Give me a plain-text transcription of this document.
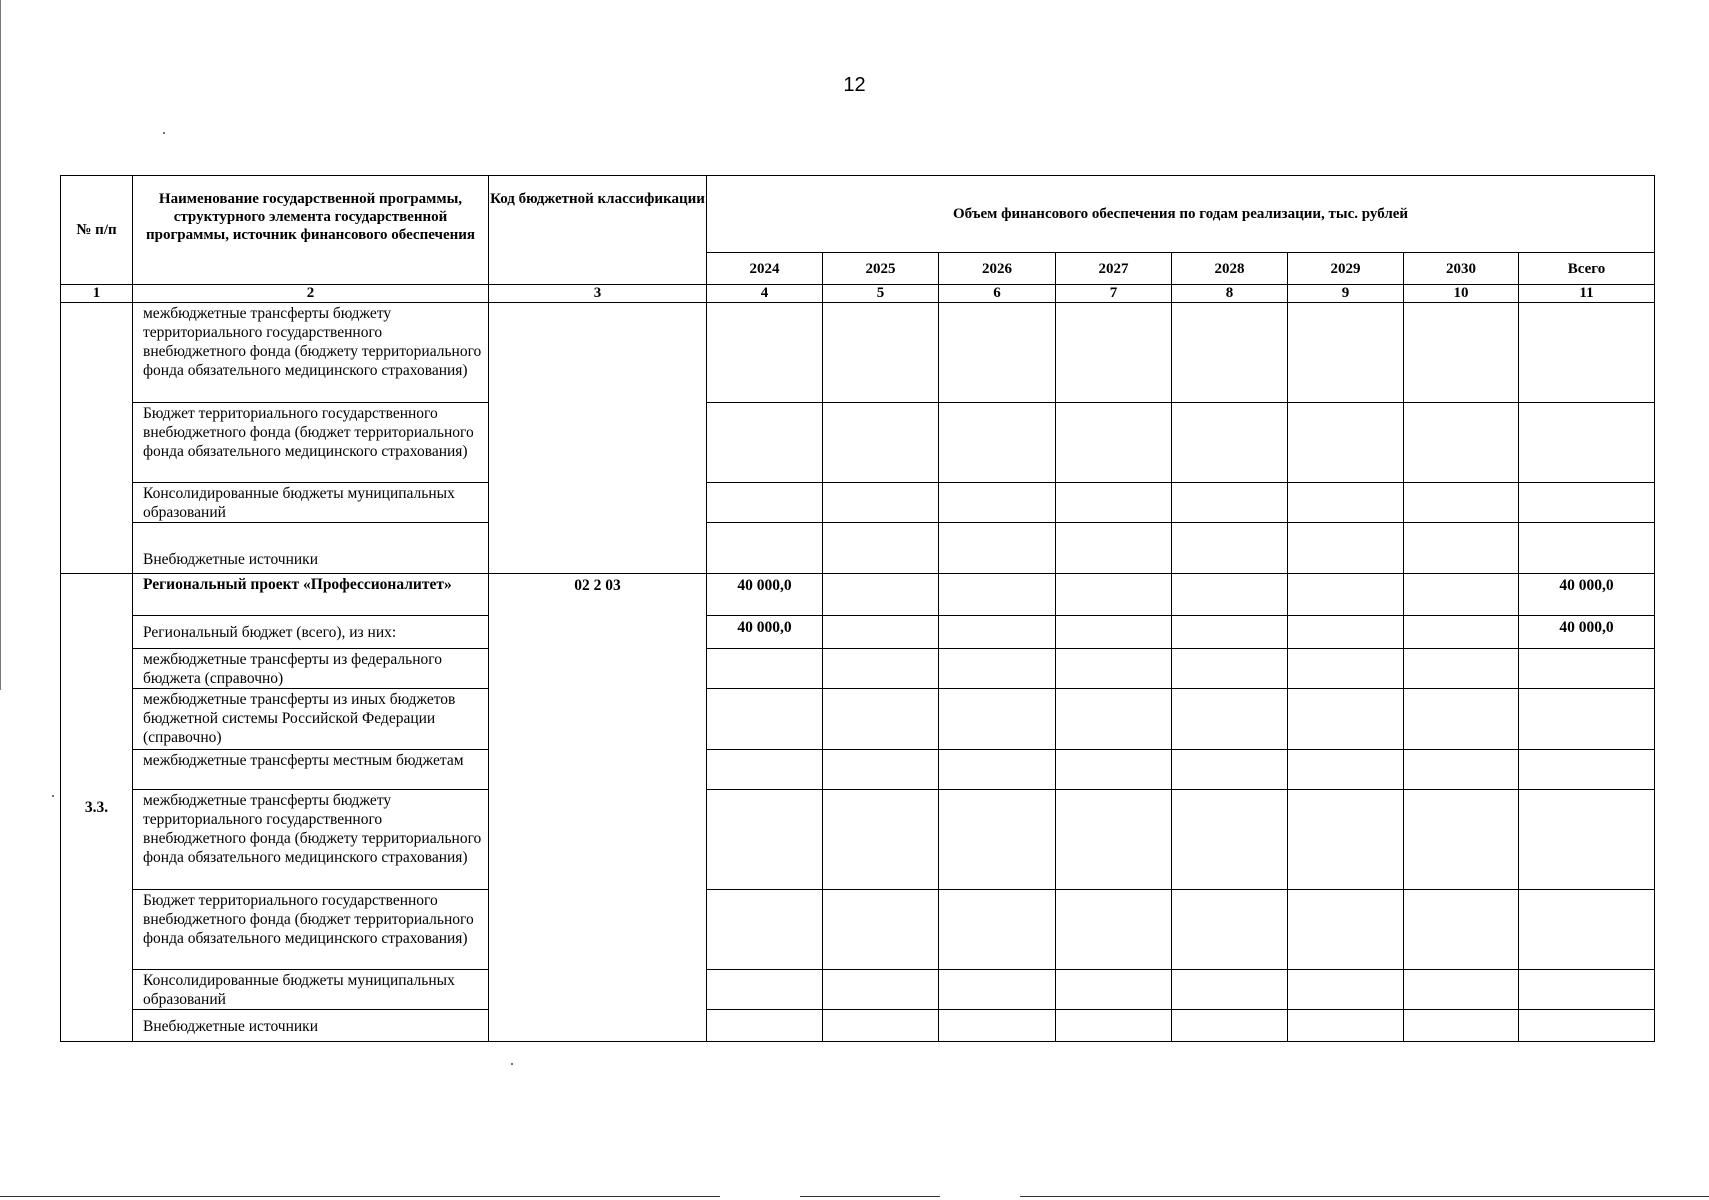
12
№ п/п	Наименование государственной программы, структурного элемента государственной программы, источник финансового обеспечения	Код бюджетной классификации	Объем финансового обеспечения по годам реализации, тыс. рублей							
			2024	2025	2026	2027	2028	2029	2030	Всего
1	2	3	4	5	6	7	8	9	10	11
	межбюджетные трансферты бюджету территориального государственного внебюджетного фонда (бюджету территориального фонда обязательного медицинского страхования)									
	Бюджет территориального государственного внебюджетного фонда (бюджет территориального фонда обязательного медицинского страхования)									
	Консолидированные бюджеты муниципальных образований									
	Внебюджетные источники									
3.3.	Региональный проект «Профессионалитет»	02 2 03	40 000,0							40 000,0
	Региональный бюджет (всего), из них:		40 000,0							40 000,0
	межбюджетные трансферты из федерального бюджета (справочно)									
	межбюджетные трансферты из иных бюджетов бюджетной системы Российской Федерации (справочно)									
	межбюджетные трансферты местным бюджетам									
	межбюджетные трансферты бюджету территориального государственного внебюджетного фонда (бюджету территориального фонда обязательного медицинского страхования)									
	Бюджет территориального государственного внебюджетного фонда (бюджет территориального фонда обязательного медицинского страхования)									
	Консолидированные бюджеты муниципальных образований									
	Внебюджетные источники									
